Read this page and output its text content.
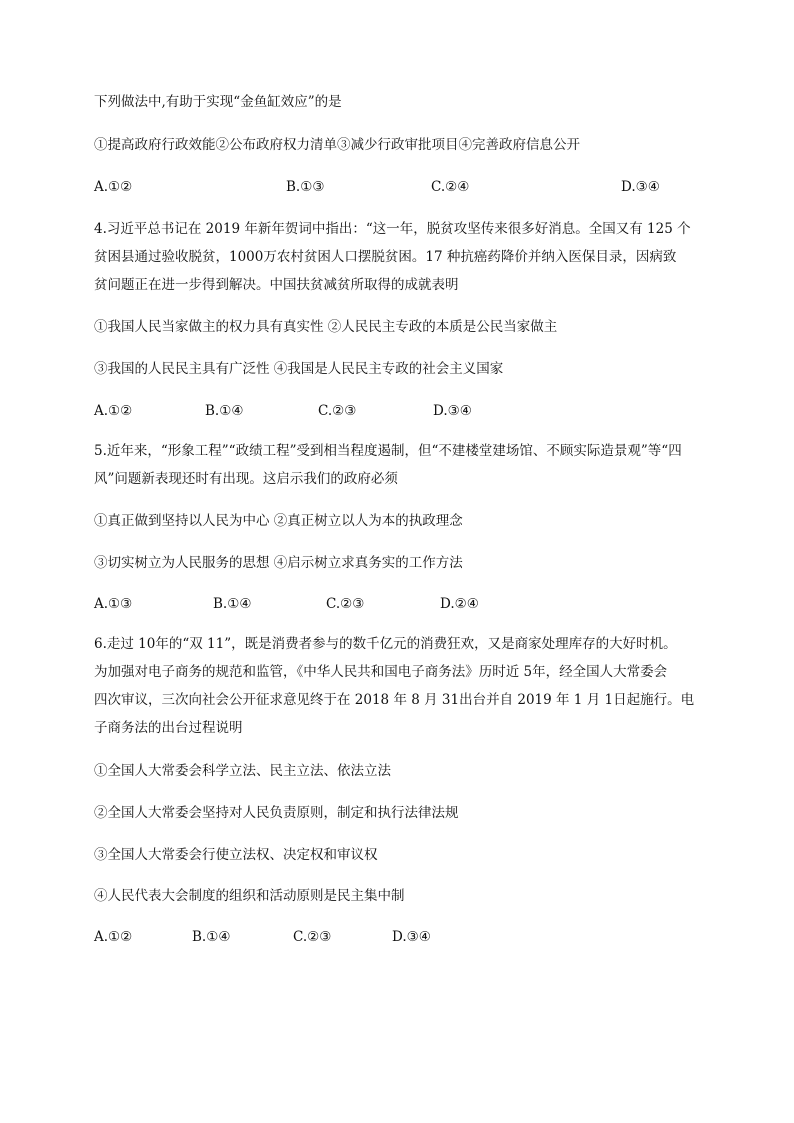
下列做法中,有助于实现“金鱼缸效应”的是
①提高政府行政效能②公布政府权力清单③减少行政审批项目④完善政府信息公开
A.①②	B.①③	C.②④	D.③④
4.习近平总书记在 2019 年新年贺词中指出：“这一年，脱贫攻坚传来很多好消息。全国又有 125 个
贫困县通过验收脱贫，1000万农村贫困人口摆脱贫困。17 种抗癌药降价并纳入医保目录，因病致
贫问题正在进一步得到解决。中国扶贫减贫所取得的成就表明
①我国人民当家做主的权力具有真实性 ②人民民主专政的本质是公民当家做主
③我国的人民民主具有广泛性 ④我国是人民民主专政的社会主义国家
A.①②	B.①④	C.②③	D.③④
5.近年来，“形象工程”“政绩工程”受到相当程度遏制，但“不建楼堂建场馆、不顾实际造景观”等“四
风”问题新表现还时有出现。这启示我们的政府必须
①真正做到坚持以人民为中心 ②真正树立以人为本的执政理念
③切实树立为人民服务的思想 ④启示树立求真务实的工作方法
A.①③	B.①④	C.②③	D.②④
6.走过 10年的“双 11”，既是消费者参与的数千亿元的消费狂欢，又是商家处理库存的大好时机。
为加强对电子商务的规范和监管，《中华人民共和国电子商务法》历时近 5年，经全国人大常委会
四次审议，三次向社会公开征求意见终于在 2018 年 8 月 31出台并自 2019 年 1 月 1日起施行。电
子商务法的出台过程说明
①全国人大常委会科学立法、民主立法、依法立法
②全国人大常委会坚持对人民负责原则，制定和执行法律法规
③全国人大常委会行使立法权、决定权和审议权
④人民代表大会制度的组织和活动原则是民主集中制
A.①②	B.①④	C.②③	D.③④
